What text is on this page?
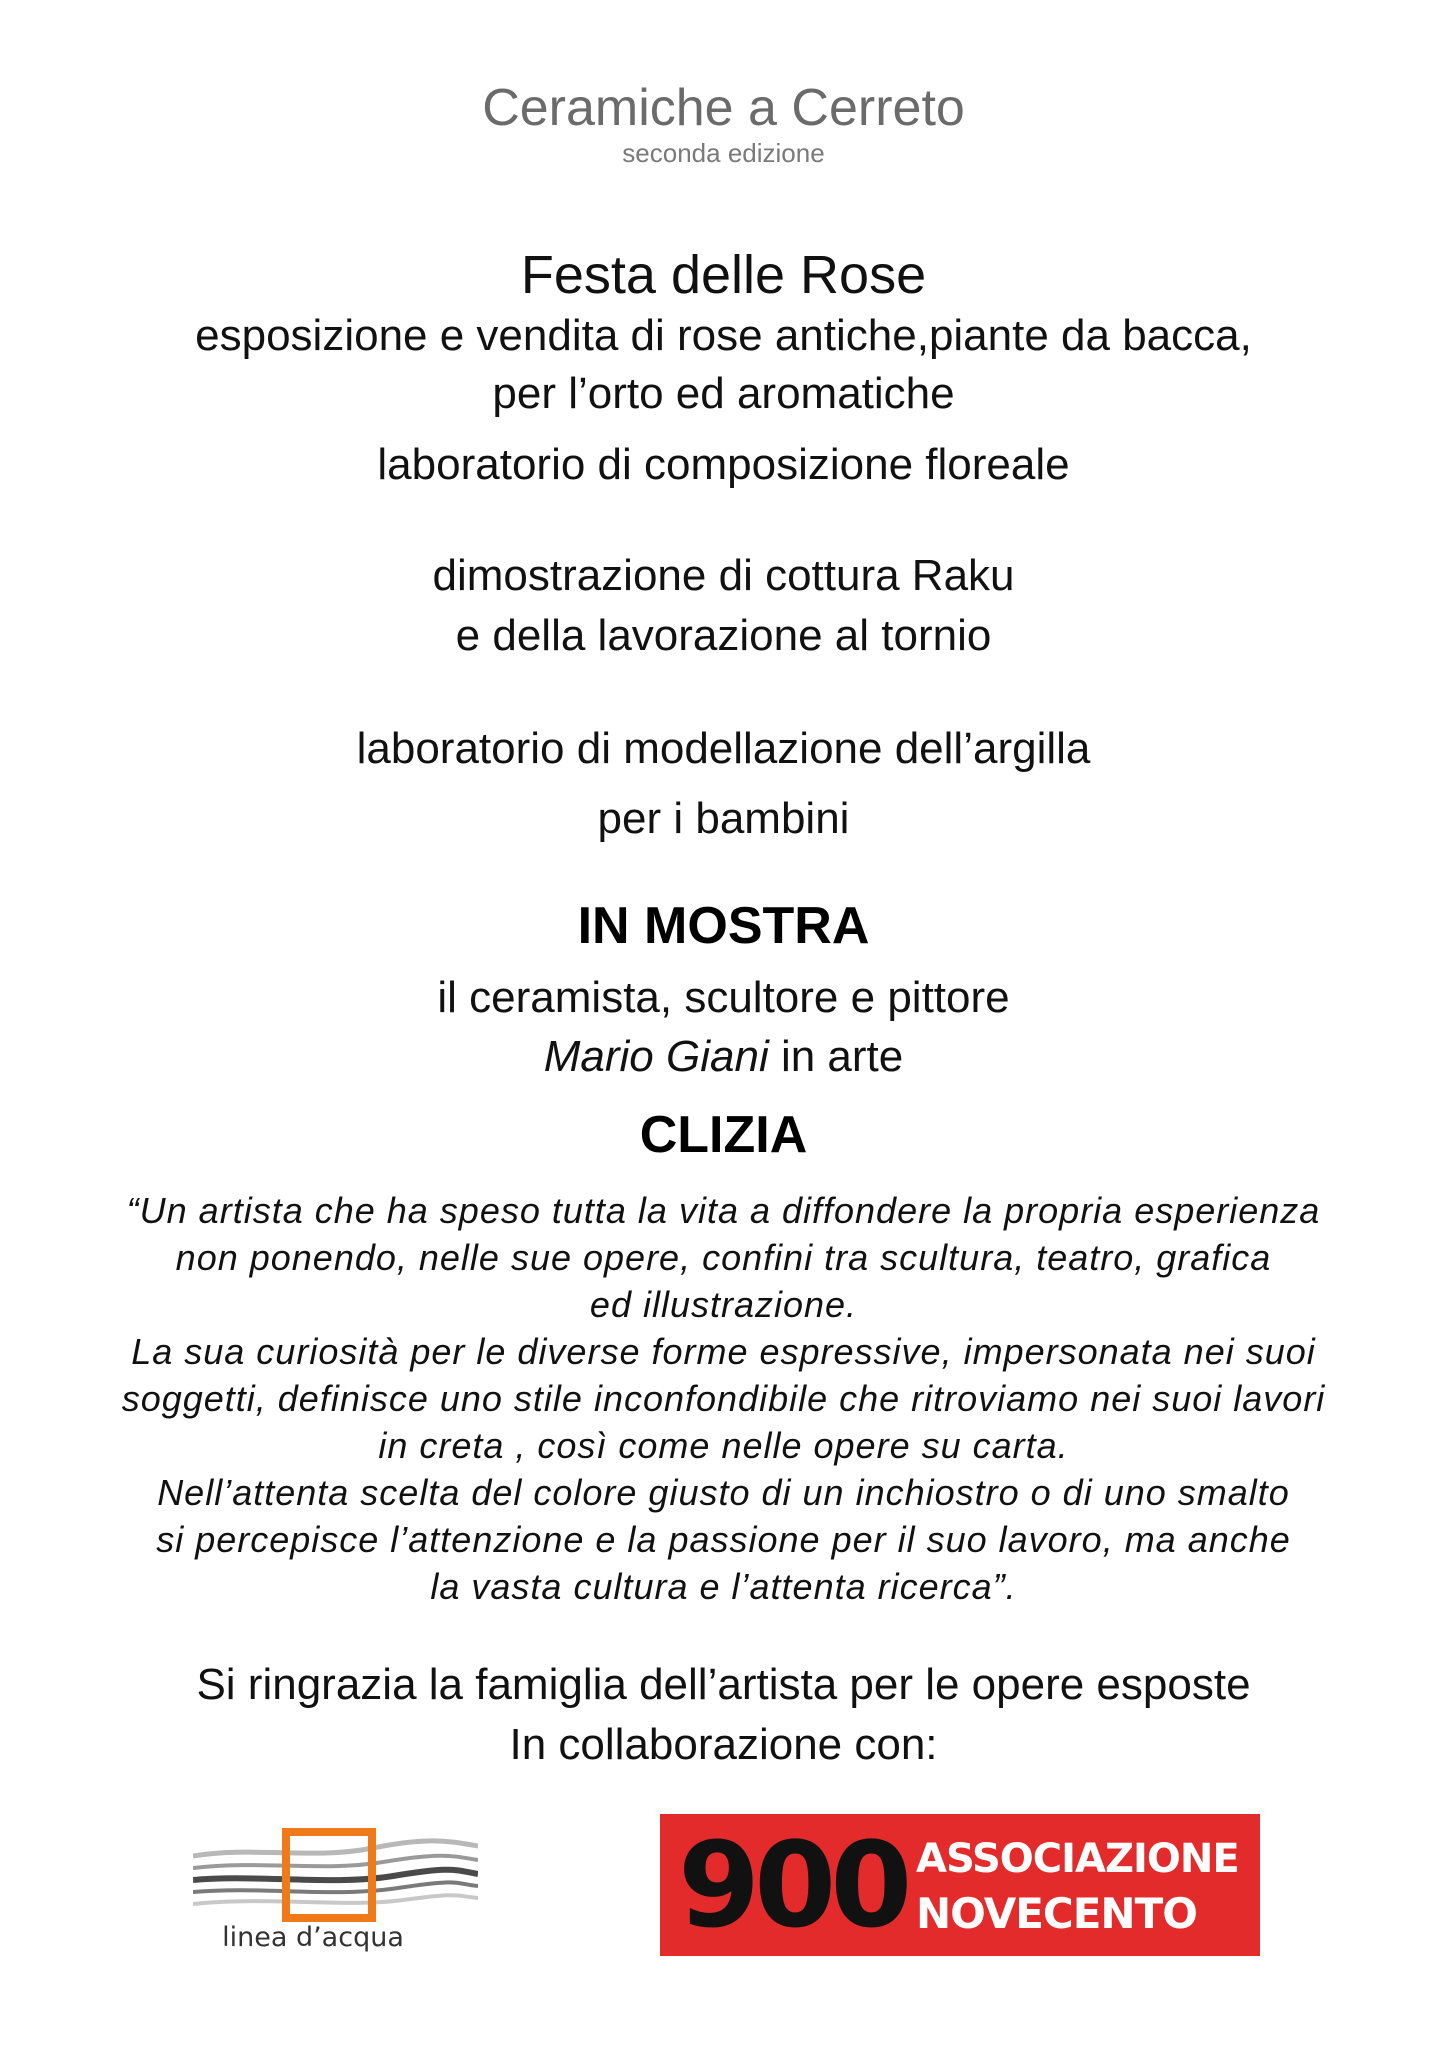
Ceramiche a Cerreto
seconda edizione
Festa delle Rose
esposizione e vendita di rose antiche,piante da bacca,
per l’orto ed aromatiche
laboratorio di composizione floreale
dimostrazione di cottura Raku
e della lavorazione al tornio
laboratorio di modellazione dell’argilla
per i bambini
IN MOSTRA
il ceramista, scultore e pittore
Mario Giani in arte
CLIZIA
“Un artista che ha speso tutta la vita a diffondere la propria esperienza
non ponendo, nelle sue opere, confini tra scultura, teatro, grafica
ed illustrazione.
La sua curiosità per le diverse forme espressive, impersonata nei suoi
soggetti, definisce uno stile inconfondibile che ritroviamo nei suoi lavori
in creta , così come nelle opere su carta.
Nell’attenta scelta del colore giusto di un inchiostro o di uno smalto
si percepisce l’attenzione e la passione per il suo lavoro, ma anche
la vasta cultura e l’attenta ricerca”.
Si ringrazia la famiglia dell’artista per le opere esposte
In collaborazione con:
linea d’acqua 900 ASSOCIAZIONE
NOVECENTO
